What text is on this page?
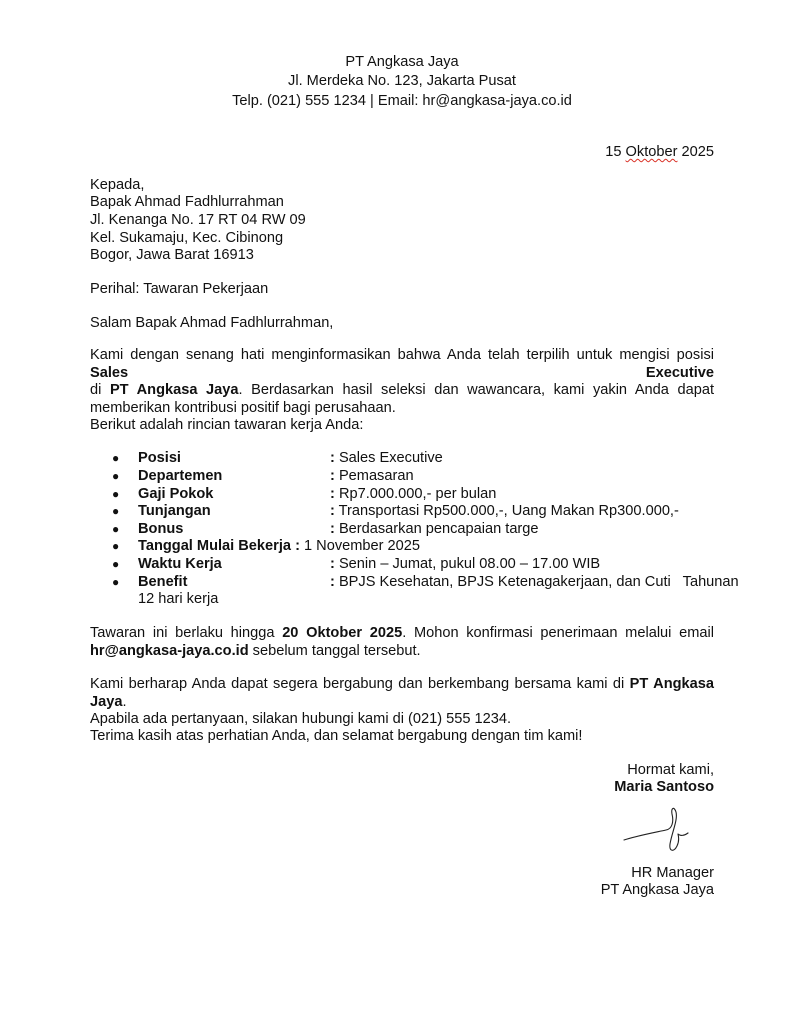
PT Angkasa Jaya
Jl. Merdeka No. 123, Jakarta Pusat
Telp. (021) 555 1234 | Email: hr@angkasa-jaya.co.id
15 Oktober 2025
Kepada,
Bapak Ahmad Fadhlurrahman
Jl. Kenanga No. 17 RT 04 RW 09
Kel. Sukamaju, Kec. Cibinong
Bogor, Jawa Barat 16913
Perihal: Tawaran Pekerjaan
Salam Bapak Ahmad Fadhlurrahman,
Kami dengan senang hati menginformasikan bahwa Anda telah terpilih untuk mengisi posisi Sales Executive
di PT Angkasa Jaya. Berdasarkan hasil seleksi dan wawancara, kami yakin Anda dapat
memberikan kontribusi positif bagi perusahaan.
Berikut adalah rincian tawaran kerja Anda:
● Posisi	: Sales Executive
● Departemen	: Pemasaran
● Gaji Pokok	: Rp7.000.000,- per bulan
● Tunjangan	: Transportasi Rp500.000,-, Uang Makan Rp300.000,-
● Bonus	: Berdasarkan pencapaian targe
● Tanggal Mulai Bekerja : 1 November 2025
● Waktu Kerja	: Senin – Jumat, pukul 08.00 – 17.00 WIB
● Benefit	: BPJS Kesehatan, BPJS Ketenagakerjaan, dan Cuti   Tahunan
12 hari kerja
Tawaran ini berlaku hingga 20 Oktober 2025. Mohon konfirmasi penerimaan melalui email
hr@angkasa-jaya.co.id sebelum tanggal tersebut.
Kami berharap Anda dapat segera bergabung dan berkembang bersama kami di PT Angkasa Jaya.
Apabila ada pertanyaan, silakan hubungi kami di (021) 555 1234.
Terima kasih atas perhatian Anda, dan selamat bergabung dengan tim kami!
Hormat kami,
Maria Santoso
HR Manager
PT Angkasa Jaya
